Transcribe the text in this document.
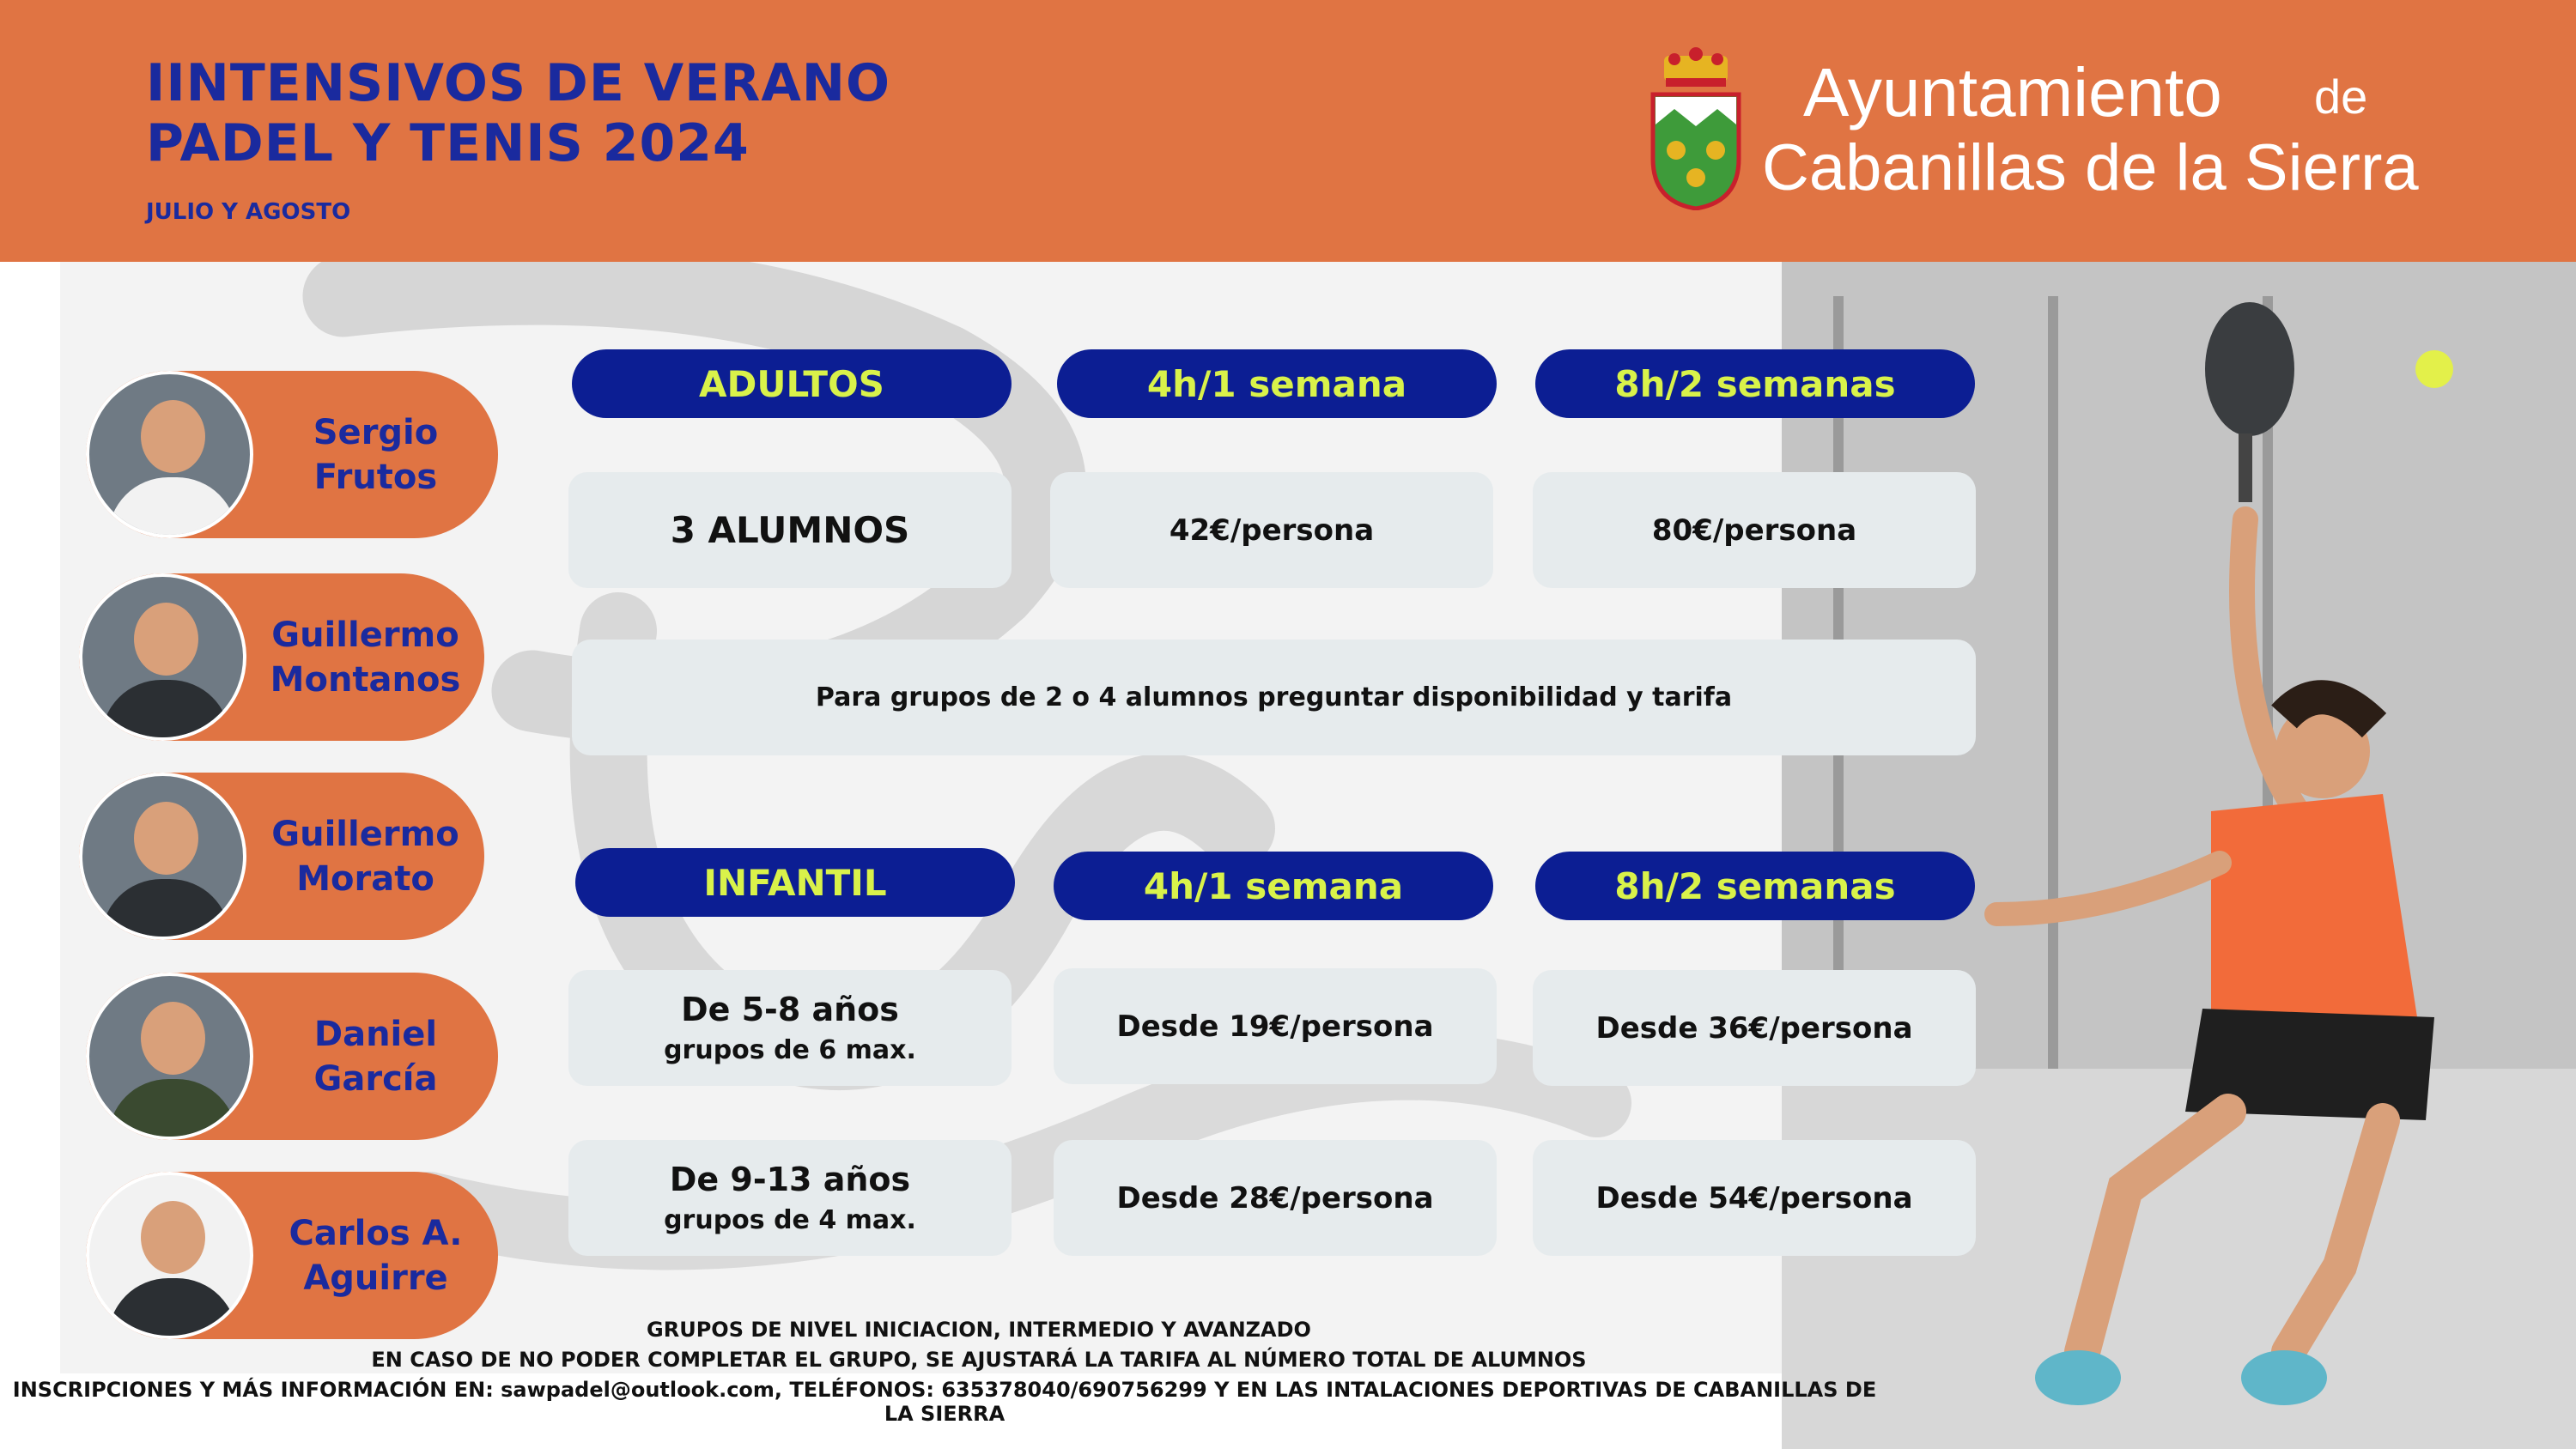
IINTENSIVOS DE VERANO
PADEL Y TENIS 2024
JULIO Y AGOSTO
Ayuntamiento de
Cabanillas de la Sierra
Sergio
Frutos
Guillermo
Montanos
Guillermo
Morato
Daniel
García
Carlos A.
Aguirre
ADULTOS	4h/1 semana	8h/2 semanas
3 ALUMNOS	42€/persona	80€/persona
Para grupos de 2 o 4 alumnos preguntar disponibilidad y tarifa
INFANTIL	4h/1 semana	8h/2 semanas
De 5-8 años
grupos de 6 max.
Desde 19€/persona	Desde 36€/persona
De 9-13 años
grupos de 4 max.
Desde 28€/persona	Desde 54€/persona
GRUPOS DE NIVEL INICIACION, INTERMEDIO Y AVANZADO
EN CASO DE NO PODER COMPLETAR EL GRUPO, SE AJUSTARÁ LA TARIFA AL NÚMERO TOTAL DE ALUMNOS
INSCRIPCIONES Y MÁS INFORMACIÓN EN: sawpadel@outlook.com, TELÉFONOS: 635378040/690756299 Y EN LAS INTALACIONES DEPORTIVAS DE CABANILLAS DE LA SIERRA
